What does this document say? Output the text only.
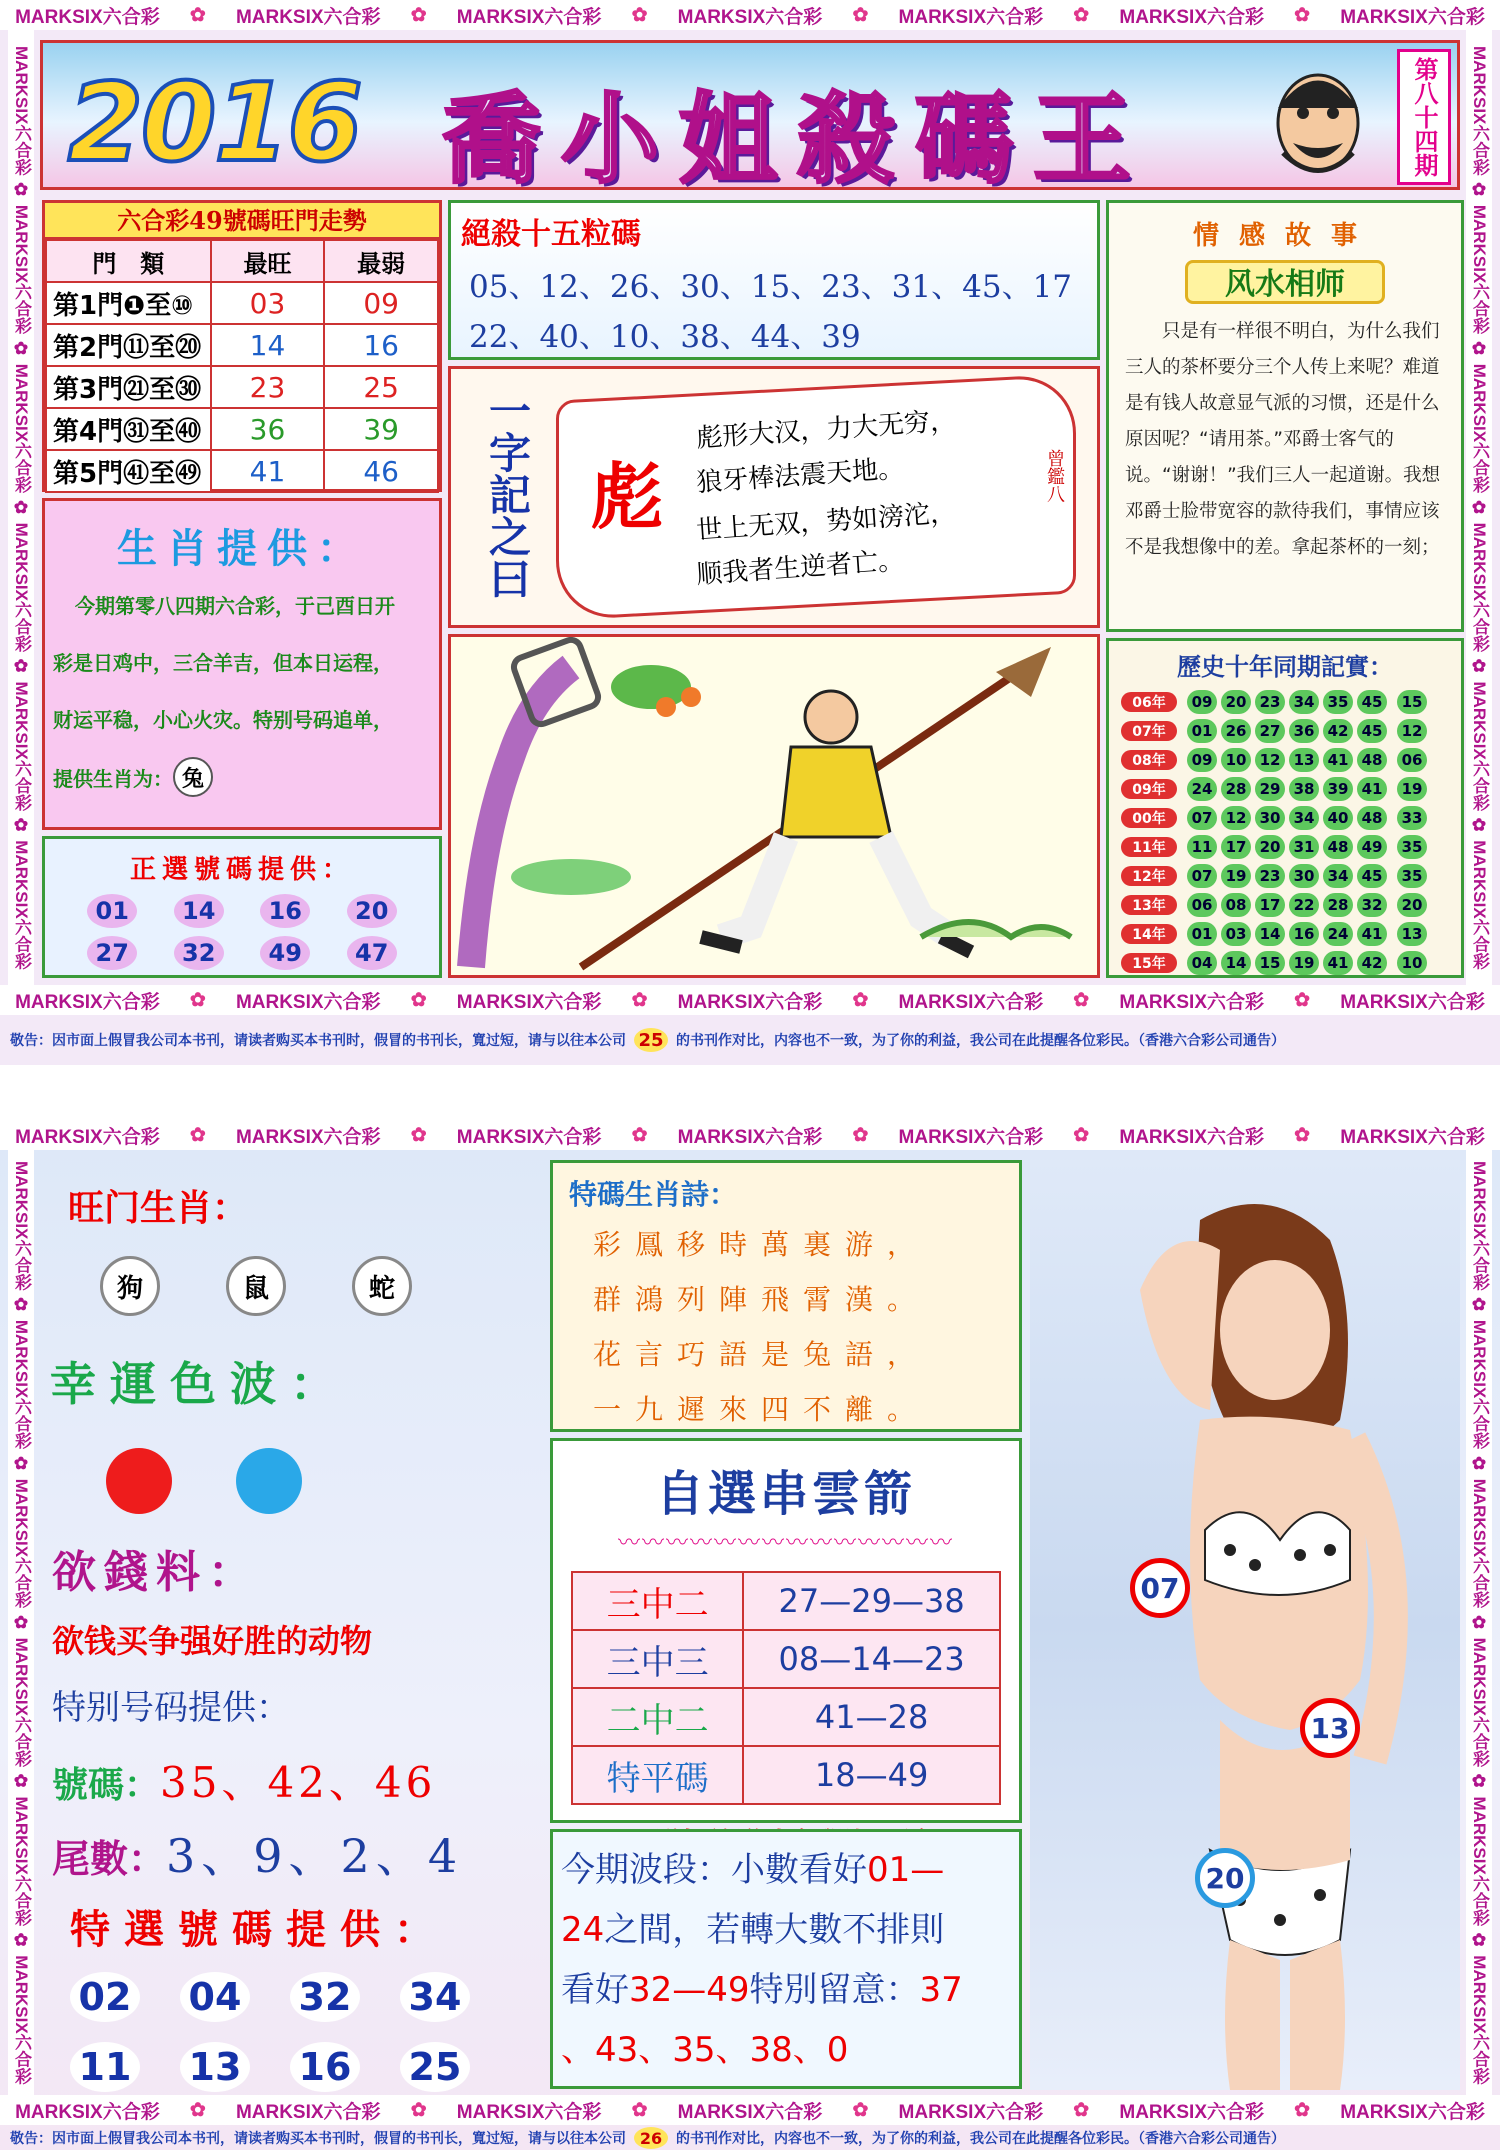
MARKSIX六合彩 ✿ MARKSIX六合彩 ✿ MARKSIX六合彩 ✿ MARKSIX六合彩 ✿ MARKSIX六合彩 ✿ MARKSIX六合彩 ✿ MARKSIX六合彩
MARKSIX六合彩 ✿ MARKSIX六合彩 ✿ MARKSIX六合彩 ✿ MARKSIX六合彩 ✿ MARKSIX六合彩 ✿ MARKSIX六合彩 ✿ MARKSIX六合彩
MARKSIX六合彩 ✿ MARKSIX六合彩 ✿ MARKSIX六合彩 ✿ MARKSIX六合彩 ✿ MARKSIX六合彩 ✿ MARKSIX六合彩
MARKSIX六合彩 ✿ MARKSIX六合彩 ✿ MARKSIX六合彩 ✿ MARKSIX六合彩 ✿ MARKSIX六合彩 ✿ MARKSIX六合彩
2016 喬小姐殺碼王	第八十四期
六合彩49號碼旺門走勢
門　類	最旺	最弱
第1門❶至⑩	03	09
第2門⑪至⑳	14	16
第3門㉑至㉚	23	25
第4門㉛至㊵	36	39
第5門㊶至㊾	41	46
絕殺十五粒碼
05、12、26、30、15、23、31、45、17
22、40、10、38、44、39
一字記之曰 彪
彪形大汉，力大无穷，
狼牙棒法震天地。
世上无双，势如滂沱，
顺我者生逆者亡。
曾鑑八
情感故事
风水相师
只是有一样很不明白，为什么我们三人的茶杯要分三个人传上来呢？难道是有钱人故意显气派的习惯，还是什么原因呢？“请用茶。”邓爵士客气的说。“谢谢！”我们三人一起道谢。我想邓爵士脸带宽容的款待我们，事情应该不是我想像中的差。拿起茶杯的一刻；
生肖提供：
今期第零八四期六合彩，于己酉日开
彩是日鸡中，三合羊吉，但本日运程，
财运平稳，小心火灾。特别号码追单，
提供生肖为： 兔
正選號碼提供：
01	14	16	20
27	32	49	47
歷史十年同期記實：
06年	09 20 23 34 35 45	15
07年	01 26 27 36 42 45	12
08年	09 10 12 13 41 48	06
09年	24 28 29 38 39 41	19
00年	07 12 30 34 40 48	33
11年	11 17 20 31 48 49	35
12年	07 19 23 30 34 45	35
13年	06 08 17 22 28 32	20
14年	01 03 14 16 24 41	13
15年	04 14 15 19 41 42	10
敬告：因市面上假冒我公司本书刊，请读者购买本书刊时，假冒的书刊长，寬过短，请与以往本公司 25 的书刊作对比，内容也不一致，为了你的利益，我公司在此提醒各位彩民。（香港六合彩公司通告）
MARKSIX六合彩 ✿ MARKSIX六合彩 ✿ MARKSIX六合彩 ✿ MARKSIX六合彩 ✿ MARKSIX六合彩 ✿ MARKSIX六合彩 ✿ MARKSIX六合彩
MARKSIX六合彩 ✿ MARKSIX六合彩 ✿ MARKSIX六合彩 ✿ MARKSIX六合彩 ✿ MARKSIX六合彩 ✿ MARKSIX六合彩 ✿ MARKSIX六合彩
MARKSIX六合彩 ✿ MARKSIX六合彩 ✿ MARKSIX六合彩 ✿ MARKSIX六合彩 ✿ MARKSIX六合彩 ✿ MARKSIX六合彩
MARKSIX六合彩 ✿ MARKSIX六合彩 ✿ MARKSIX六合彩 ✿ MARKSIX六合彩 ✿ MARKSIX六合彩 ✿ MARKSIX六合彩
旺门生肖：
狗	鼠	蛇
幸運色波：
欲錢料：
欲钱买争强好胜的动物
特别号码提供：
號碼： 35、42、46
尾數： 3、9、2、4
特選號碼提供：
02 04 32 34
11 13 16 25
特碼生肖詩：
彩鳳移時萬裏游，
群鴻列陣飛霄漢。
花言巧語是兔語，
一九遲來四不離。
自選串雲箭
〰〰〰〰〰〰〰〰〰〰〰〰〰〰
三中二	27—29—38
三中三	08—14—23
二中二	41—28
特平碼	18—49
今期波段：小數看好01—
24之間，若轉大數不排則
看好32—49特別留意：37
、43、35、38、0
07
13
20
敬告：因市面上假冒我公司本书刊，请读者购买本书刊时，假冒的书刊长，寬过短，请与以往本公司 26 的书刊作对比，内容也不一致，为了你的利益，我公司在此提醒各位彩民。（香港六合彩公司通告）
